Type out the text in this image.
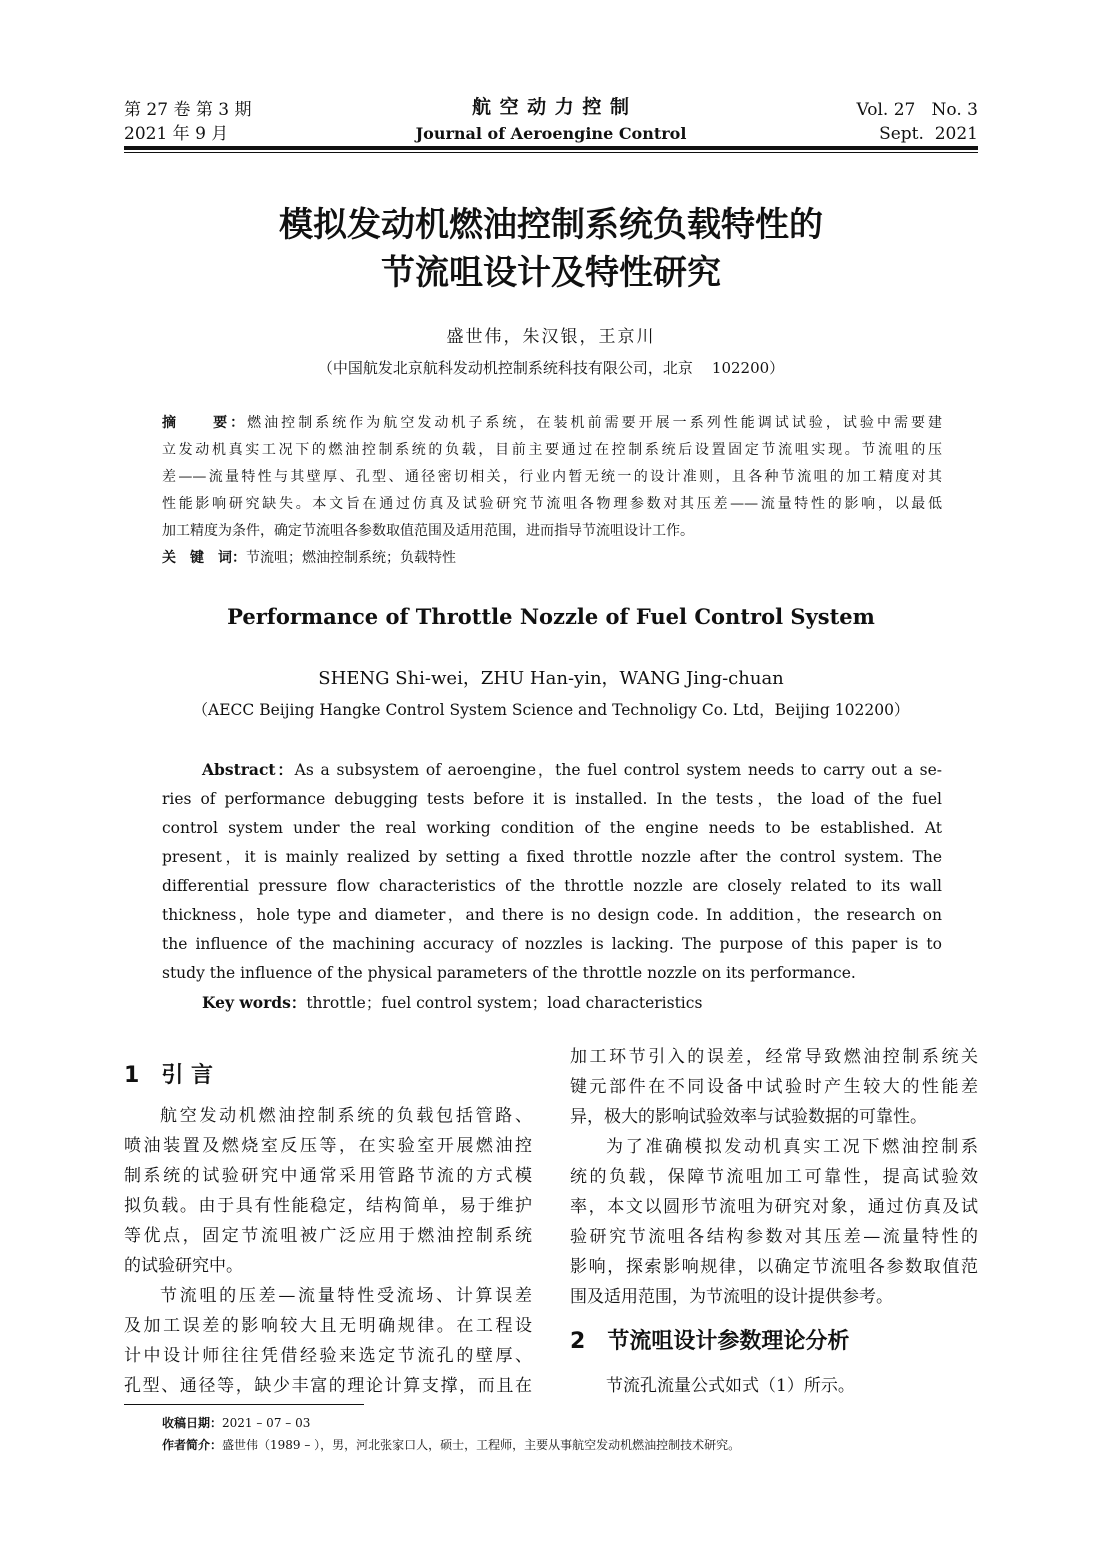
第 27 卷 第 3 期
2021 年 9 月
航 空 动 力 控 制
Journal of Aeroengine Control
Vol. 27   No. 3
Sept.  2021
模拟发动机燃油控制系统负载特性的
节流咀设计及特性研究
盛世伟，朱汉银，王京川
（中国航发北京航科发动机控制系统科技有限公司，北京    102200）
摘　　要：燃油控制系统作为航空发动机子系统，在装机前需要开展一系列性能调试试验，试验中需要建
立发动机真实工况下的燃油控制系统的负载，目前主要通过在控制系统后设置固定节流咀实现。节流咀的压
差——流量特性与其壁厚、孔型、通径密切相关，行业内暂无统一的设计准则，且各种节流咀的加工精度对其
性能影响研究缺失。本文旨在通过仿真及试验研究节流咀各物理参数对其压差——流量特性的影响，以最低
加工精度为条件，确定节流咀各参数取值范围及适用范围，进而指导节流咀设计工作。
关　键　词：节流咀；燃油控制系统；负载特性
Performance of Throttle Nozzle of Fuel Control System
SHENG Shi-wei，ZHU Han-yin，WANG Jing-chuan
（AECC Beijing Hangke Control System Science and Technoligy Co. Ltd，Beijing 102200）
Abstract：As a subsystem of aeroengine，the fuel control system needs to carry out a se-
ries of performance debugging tests before it is installed. In the tests，the load of the fuel
control system under the real working condition of the engine needs to be established. At
present，it is mainly realized by setting a fixed throttle nozzle after the control system. The
differential pressure flow characteristics of the throttle nozzle are closely related to its wall
thickness，hole type and diameter，and there is no design code. In addition，the research on
the influence of the machining accuracy of nozzles is lacking. The purpose of this paper is to
study the influence of the physical parameters of the throttle nozzle on its performance.
Key words：throttle；fuel control system；load characteristics
1 引 言
航空发动机燃油控制系统的负载包括管路、
喷油装置及燃烧室反压等，在实验室开展燃油控
制系统的试验研究中通常采用管路节流的方式模
拟负载。由于具有性能稳定，结构简单，易于维护
等优点，固定节流咀被广泛应用于燃油控制系统
的试验研究中。
节流咀的压差—流量特性受流场、计算误差
及加工误差的影响较大且无明确规律。在工程设
计中设计师往往凭借经验来选定节流孔的壁厚、
孔型、通径等，缺少丰富的理论计算支撑，而且在
加工环节引入的误差，经常导致燃油控制系统关
键元部件在不同设备中试验时产生较大的性能差
异，极大的影响试验效率与试验数据的可靠性。
为了准确模拟发动机真实工况下燃油控制系
统的负载，保障节流咀加工可靠性，提高试验效
率，本文以圆形节流咀为研究对象，通过仿真及试
验研究节流咀各结构参数对其压差—流量特性的
影响，探索影响规律，以确定节流咀各参数取值范
围及适用范围，为节流咀的设计提供参考。
2 节流咀设计参数理论分析
节流孔流量公式如式（1）所示。
收稿日期：2021 – 07 – 03
作者简介：盛世伟（1989 – ），男，河北张家口人，硕士，工程师，主要从事航空发动机燃油控制技术研究。
